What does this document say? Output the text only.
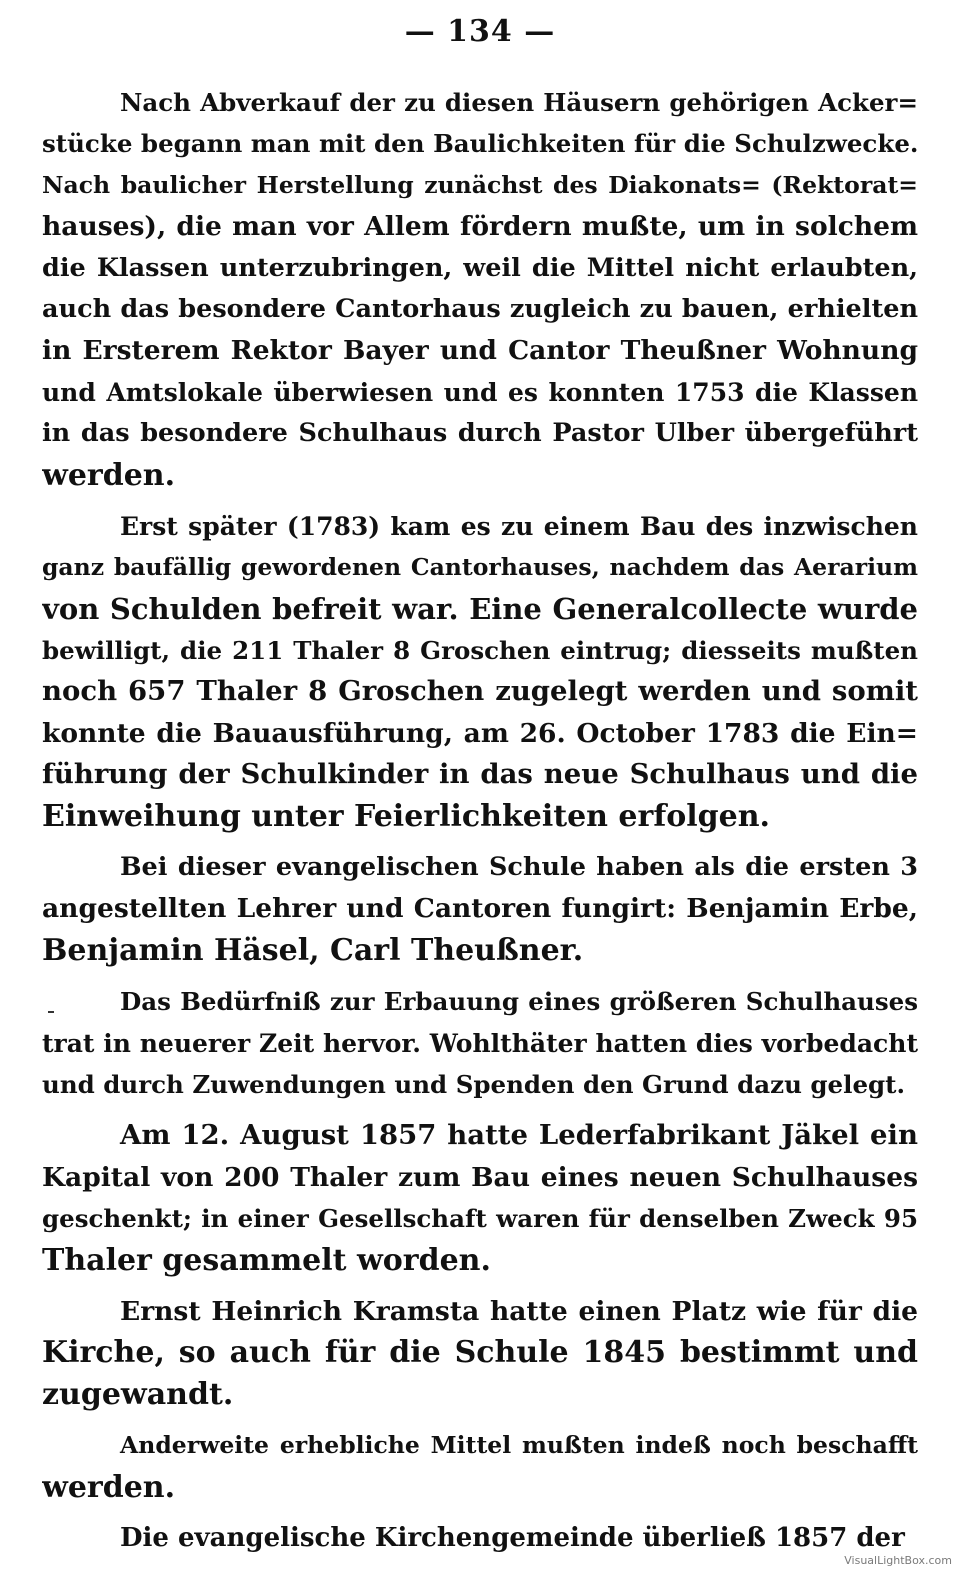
— 134 —
Nach Abverkauf der zu diesen Häusern gehörigen Acker=
stücke begann man mit den Baulichkeiten für die Schulzwecke.
Nach baulicher Herstellung zunächst des Diakonats= (Rektorat=
hauses), die man vor Allem fördern mußte, um in solchem
die Klassen unterzubringen, weil die Mittel nicht erlaubten,
auch das besondere Cantorhaus zugleich zu bauen, erhielten
in Ersterem Rektor Bayer und Cantor Theußner Wohnung
und Amtslokale überwiesen und es konnten 1753 die Klassen
in das besondere Schulhaus durch Pastor Ulber übergeführt
werden.
Erst später (1783) kam es zu einem Bau des inzwischen
ganz baufällig gewordenen Cantorhauses, nachdem das Aerarium
von Schulden befreit war. Eine Generalcollecte wurde
bewilligt, die 211 Thaler 8 Groschen eintrug; diesseits mußten
noch 657 Thaler 8 Groschen zugelegt werden und somit
konnte die Bauausführung, am 26. October 1783 die Ein=
führung der Schulkinder in das neue Schulhaus und die
Einweihung unter Feierlichkeiten erfolgen.
Bei dieser evangelischen Schule haben als die ersten 3
angestellten Lehrer und Cantoren fungirt: Benjamin Erbe,
Benjamin Häsel, Carl Theußner.
Das Bedürfniß zur Erbauung eines größeren Schulhauses
trat in neuerer Zeit hervor. Wohlthäter hatten dies vorbedacht
und durch Zuwendungen und Spenden den Grund dazu gelegt.
Am 12. August 1857 hatte Lederfabrikant Jäkel ein
Kapital von 200 Thaler zum Bau eines neuen Schulhauses
geschenkt; in einer Gesellschaft waren für denselben Zweck 95
Thaler gesammelt worden.
Ernst Heinrich Kramsta hatte einen Platz wie für die
Kirche, so auch für die Schule 1845 bestimmt und
zugewandt.
Anderweite erhebliche Mittel mußten indeß noch beschafft
werden.
Die evangelische Kirchengemeinde überließ 1857 der
VisualLightBox.com
